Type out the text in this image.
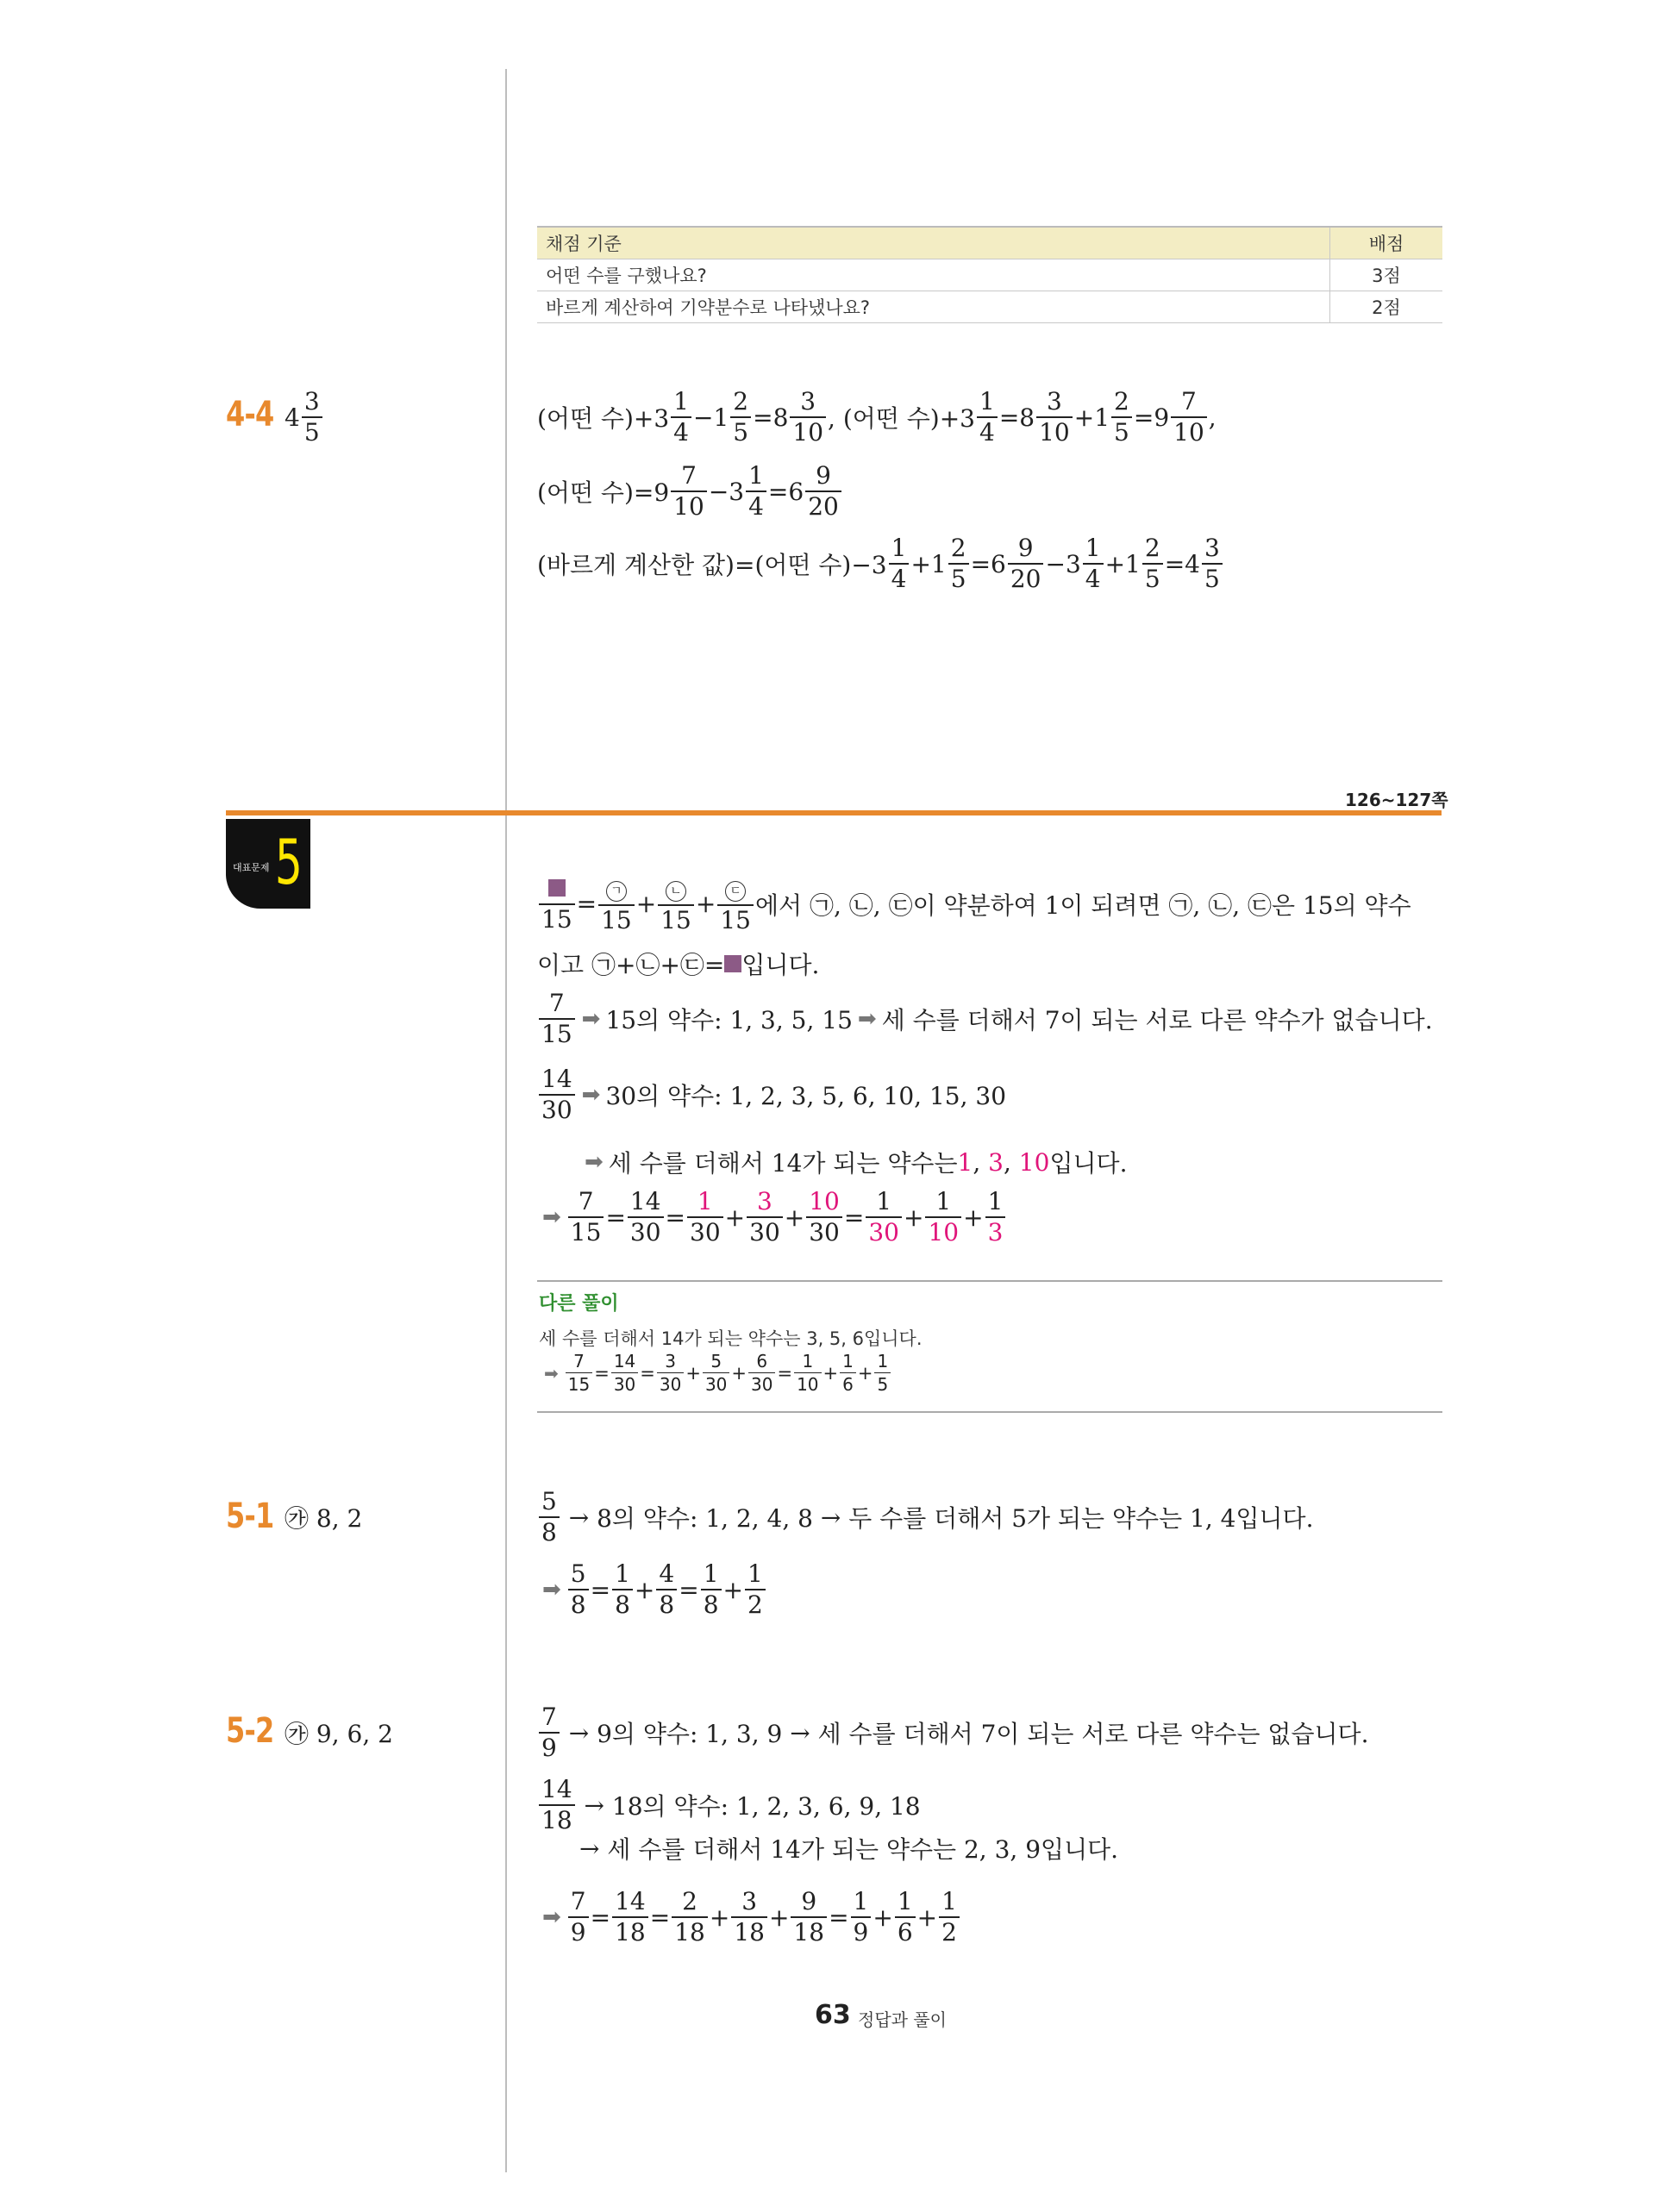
채점 기준	배점
어떤 수를 구했나요?	3점
바르게 계산하여 기약분수로 나타냈나요?	2점
4-4 $4 \frac{3}{5}$	(어떤 수)+3
1
4
−1
2
5
=8
3
10 , (어떤 수)+3
1
4
=8
3
10
+1
2
5
=9
7
10
,
(어떤 수)=9
7
10
−3
1
4
=6
9
20
(바르게 계산한 값)=(어떤 수)−3
1
4
+1
2
5
=6
9
20
−3
1
4
+1
2
5
=4
3
5
126~127쪽
대표문제 5
15
=	ㄱ
15
+	ㄴ
15
+	ㄷ
15
에서 ㉠, ㉡, ㉢이 약분하여 1이 되려면 ㉠, ㉡, ㉢은 15의 약수
이고 ㉠+㉡+㉢= 입니다.
7
15
➡ 15의 약수: 1, 3, 5, 15 ➡ 세 수를 더해서 7이 되는 서로 다른 약수가 없습니다.
14
30
➡ 30의 약수: 1, 2, 3, 5, 6, 10, 15, 30
➡ 세 수를 더해서 14가 되는 약수는 1 , 3 , 10 입니다.
➡
7
15
=
14
30
=
1
30
+
3
30
+
10
30
=
1
30
+
1
10
+
1
3
다른 풀이
세 수를 더해서 14가 되는 약수는 3, 5, 6입니다.
➡
7
15
=
14
30
=
3
30
+
5
30
+
6
30
=
1
10
+
1
6
+
1
5
5-1 ㉮ 8, 2
5
8
→ 8의 약수: 1, 2, 4, 8 → 두 수를 더해서 5가 되는 약수는 1, 4입니다.
➡
5
8
=
1
8
+
4
8
=
1
8
+
1
2
5-2 ㉮ 9, 6, 2
7
9
→ 9의 약수: 1, 3, 9 → 세 수를 더해서 7이 되는 서로 다른 약수는 없습니다.
14
18
→ 18의 약수: 1, 2, 3, 6, 9, 18
→ 세 수를 더해서 14가 되는 약수는 2, 3, 9입니다.
➡
7
9
=
14
18
=
2
18
+
3
18
+
9
18
=
1
9
+
1
6
+
1
2
63 정답과 풀이
